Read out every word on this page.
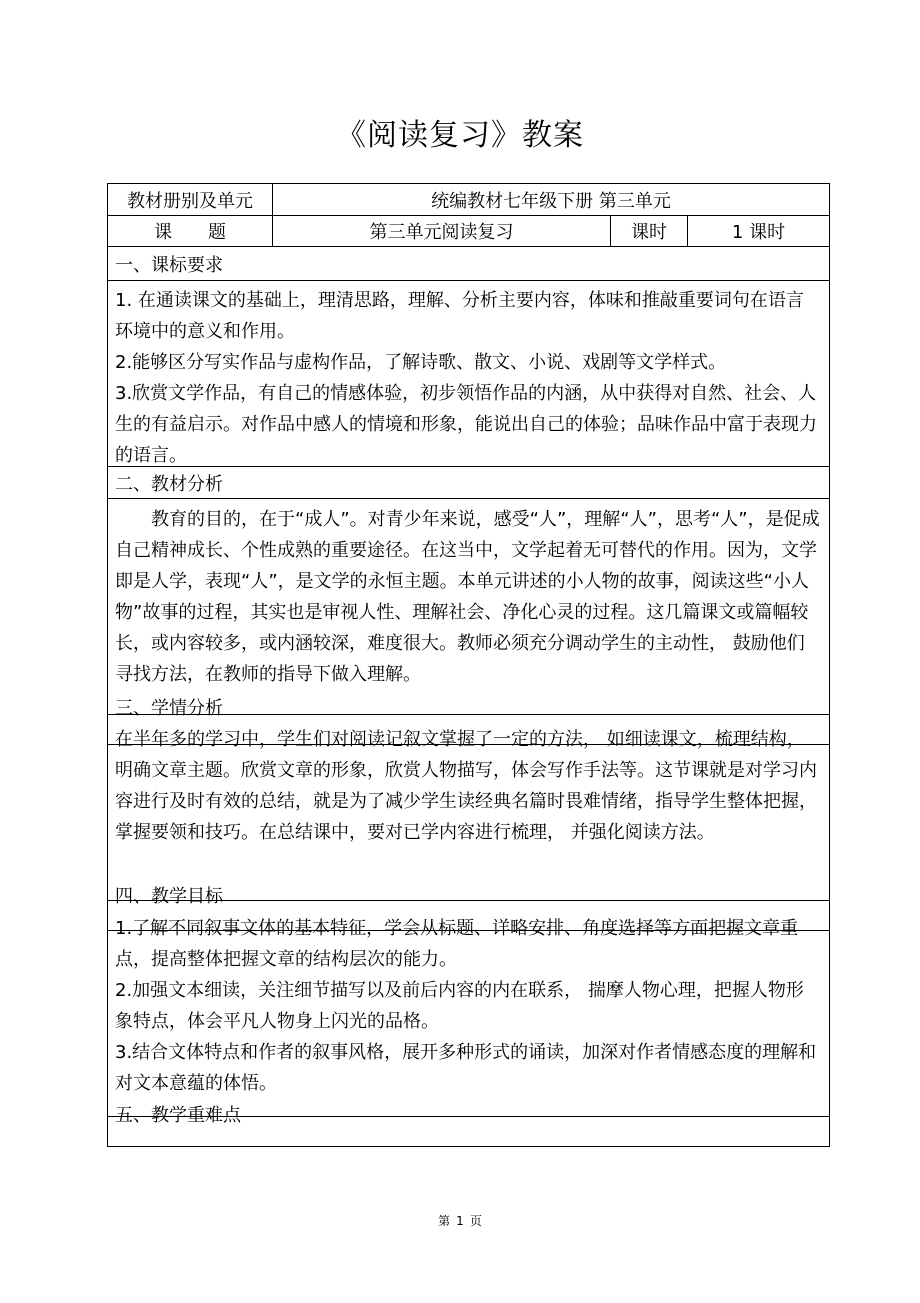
《阅读复习》教案
教材册别及单元	统编教材七年级下册 第三单元
课　　题	第三单元阅读复习	课时	1 课时
一、课标要求

1. 在通读课文的基础上，理清思路，理解、分析主要内容，体味和推敲重要词句在语言环境中的意义和作用。

2.能够区分写实作品与虚构作品，了解诗歌、散文、小说、戏剧等文学样式。

3.欣赏文学作品，有自己的情感体验，初步领悟作品的内涵，从中获得对自然、社会、人生的有益启示。对作品中感人的情境和形象，能说出自己的体验；品味作品中富于表现力的语言。

二、教材分析

　　教育的目的，在于“成人”。对青少年来说，感受“人”，理解“人”，思考“人”，是促成自己精神成长、个性成熟的重要途径。在这当中，文学起着无可替代的作用。因为，文学即是人学，表现“人”，是文学的永恒主题。本单元讲述的小人物的故事，阅读这些“小人物”故事的过程，其实也是审视人性、理解社会、净化心灵的过程。这几篇课文或篇幅较长，或内容较多，或内涵较深，难度很大。教师必须充分调动学生的主动性， 鼓励他们寻找方法，在教师的指导下做入理解。

三、学情分析

在半年多的学习中，学生们对阅读记叙文掌握了一定的方法， 如细读课文，梳理结构，明确文章主题。欣赏文章的形象，欣赏人物描写，体会写作手法等。这节课就是对学习内容进行及时有效的总结，就是为了减少学生读经典名篇时畏难情绪，指导学生整体把握，掌握要领和技巧。在总结课中，要对已学内容进行梳理， 并强化阅读方法。

四、教学目标

1.了解不同叙事文体的基本特征，学会从标题、详略安排、角度选择等方面把握文章重点，提高整体把握文章的结构层次的能力。

2.加强文本细读，关注细节描写以及前后内容的内在联系， 揣摩人物心理，把握人物形象特点，体会平凡人物身上闪光的品格。

3.结合文体特点和作者的叙事风格，展开多种形式的诵读，加深对作者情感态度的理解和对文本意蕴的体悟。

五、教学重难点
第 1 页
